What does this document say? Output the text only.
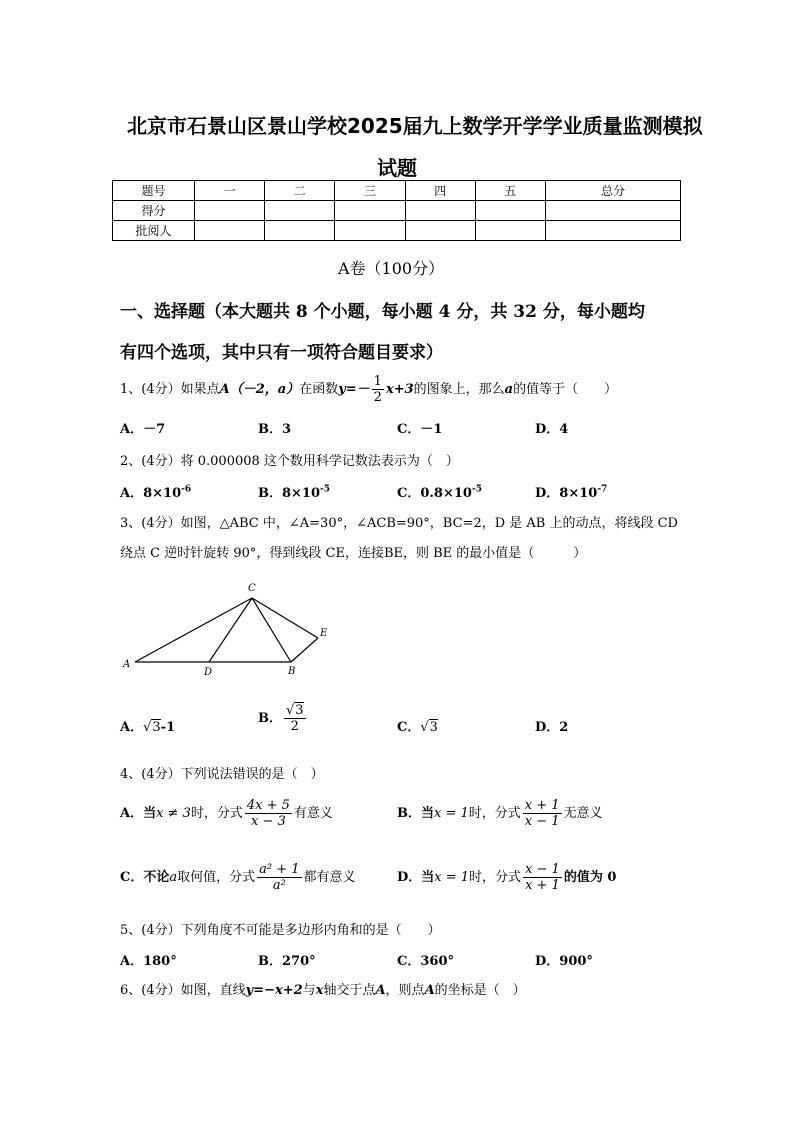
北京市石景山区景山学校2025届九上数学开学学业质量监测模拟
试题
题号	一	二	三	四	五	总分
得分						
批阅人						
A卷（100分）
一、选择题（本大题共 8 个小题，每小题 4 分，共 32 分，每小题均
有四个选项，其中只有一项符合题目要求）
1、(4分）如果点A（－2，a）在函数$y=- \frac{1}{2} x+3$的图象上，那么a的值等于（　　）
A．－7	B．3	C．－1	D．4
2、(4分）将 0.000008 这个数用科学记数法表示为（　）
A．$8\times 10^{-6}$	B．$8\times 10^{-5}$	C．$0.8\times 10^{-5}$	D．$8\times 10^{-7}$
3、(4分）如图，△ABC 中，∠A=30°，∠ACB=90°，BC=2，D 是 AB 上的动点，将线段 CD
绕点 C 逆时针旋转 90°，得到线段 CE，连接BE，则 BE 的最小值是（　　　）
A
B
C
D
E
A．√3-1
B． $\frac{√3}{2}$	C．√3	D．2
4、(4分）下列说法错误的是（　）
A．当x ≠ 3时，分式 $\frac{4x + 5}{x - 3}$ 有意义	B．当x = 1时，分式 $\frac{x + 1}{x - 1}$ 无意义
C．不论a取何值，分式 $\frac{\text{a² + 1}}{\text{a²}}$ 都有意义	D．当x = 1时，分式 $\frac{x - 1}{x + 1}$ 的值为 0
5、(4分）下列角度不可能是多边形内角和的是（　　）
A．180°	B．270°	C．360°	D．900°
6、(4分）如图，直线y=−x+2与x轴交于点A，则点A的坐标是（　）
